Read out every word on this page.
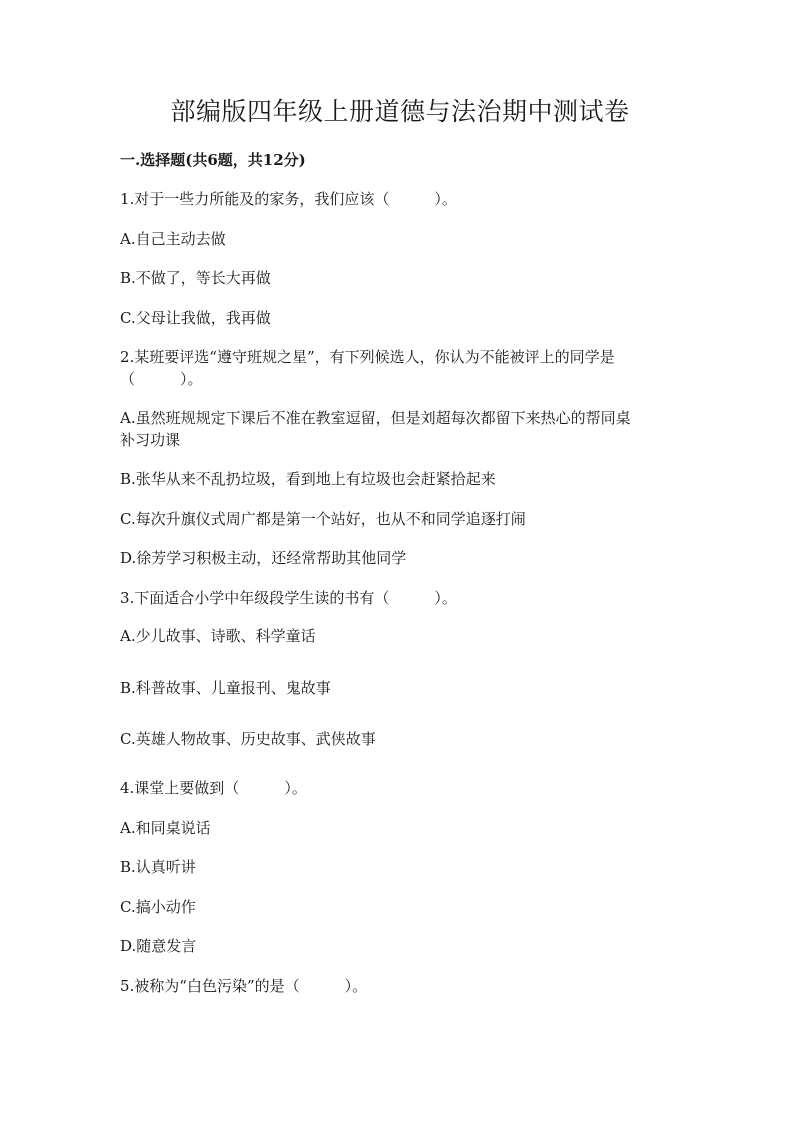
部编版四年级上册道德与法治期中测试卷
一.选择题(共6题，共12分)
1.对于一些力所能及的家务，我们应该（　　　）。
A.自己主动去做
B.不做了，等长大再做
C.父母让我做，我再做
2.某班要评选“遵守班规之星”，有下列候选人，你认为不能被评上的同学是
（　　　）。
A.虽然班规规定下课后不准在教室逗留，但是刘超每次都留下来热心的帮同桌
补习功课
B.张华从来不乱扔垃圾，看到地上有垃圾也会赶紧拾起来
C.每次升旗仪式周广都是第一个站好，也从不和同学追逐打闹
D.徐芳学习积极主动，还经常帮助其他同学
3.下面适合小学中年级段学生读的书有（　　　）。
A.少儿故事、诗歌、科学童话
B.科普故事、儿童报刊、鬼故事
C.英雄人物故事、历史故事、武侠故事
4.课堂上要做到（　　　）。
A.和同桌说话
B.认真听讲
C.搞小动作
D.随意发言
5.被称为“白色污染”的是（　　　）。
